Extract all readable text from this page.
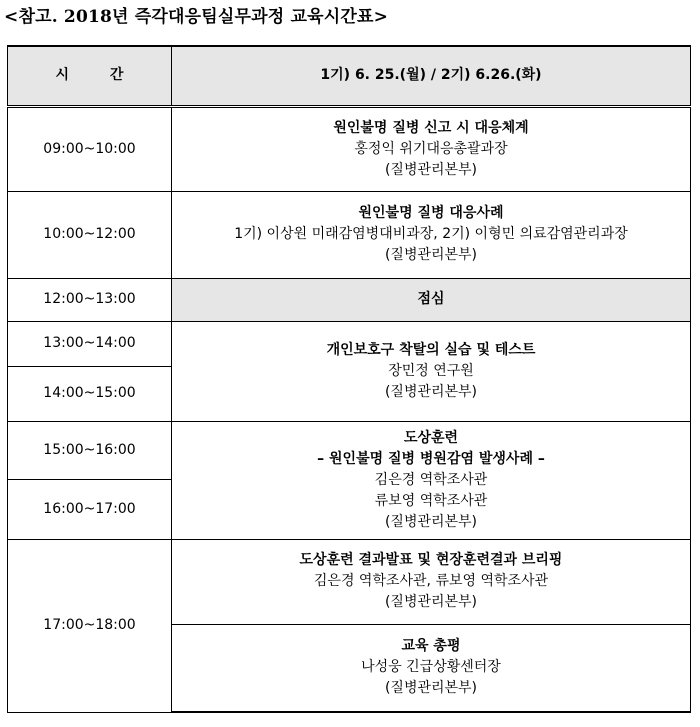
<참고. 2018년 즉각대응팀실무과정 교육시간표>
시 간	1기) 6. 25.(월) / 2기) 6.26.(화)
09:00~10:00	원인불명 질병 신고 시 대응체계
홍정익 위기대응총괄과장
(질병관리본부)

10:00~12:00	원인불명 질병 대응사례
1기) 이상원 미래감염병대비과장, 2기) 이형민 의료감염관리과장
(질병관리본부)

12:00~13:00	점심
13:00~14:00	개인보호구 착탈의 실습 및 테스트
장민정 연구원
(질병관리본부)

14:00~15:00	
15:00~16:00	도상훈련
– 원인불명 질병 병원감염 발생사례 –
김은경 역학조사관
류보영 역학조사관
(질병관리본부)

16:00~17:00	
17:00~18:00	도상훈련 결과발표 및 현장훈련결과 브리핑
김은경 역학조사관, 류보영 역학조사관
(질병관리본부)

	교육 총평
나성웅 긴급상황센터장
(질병관리본부)
